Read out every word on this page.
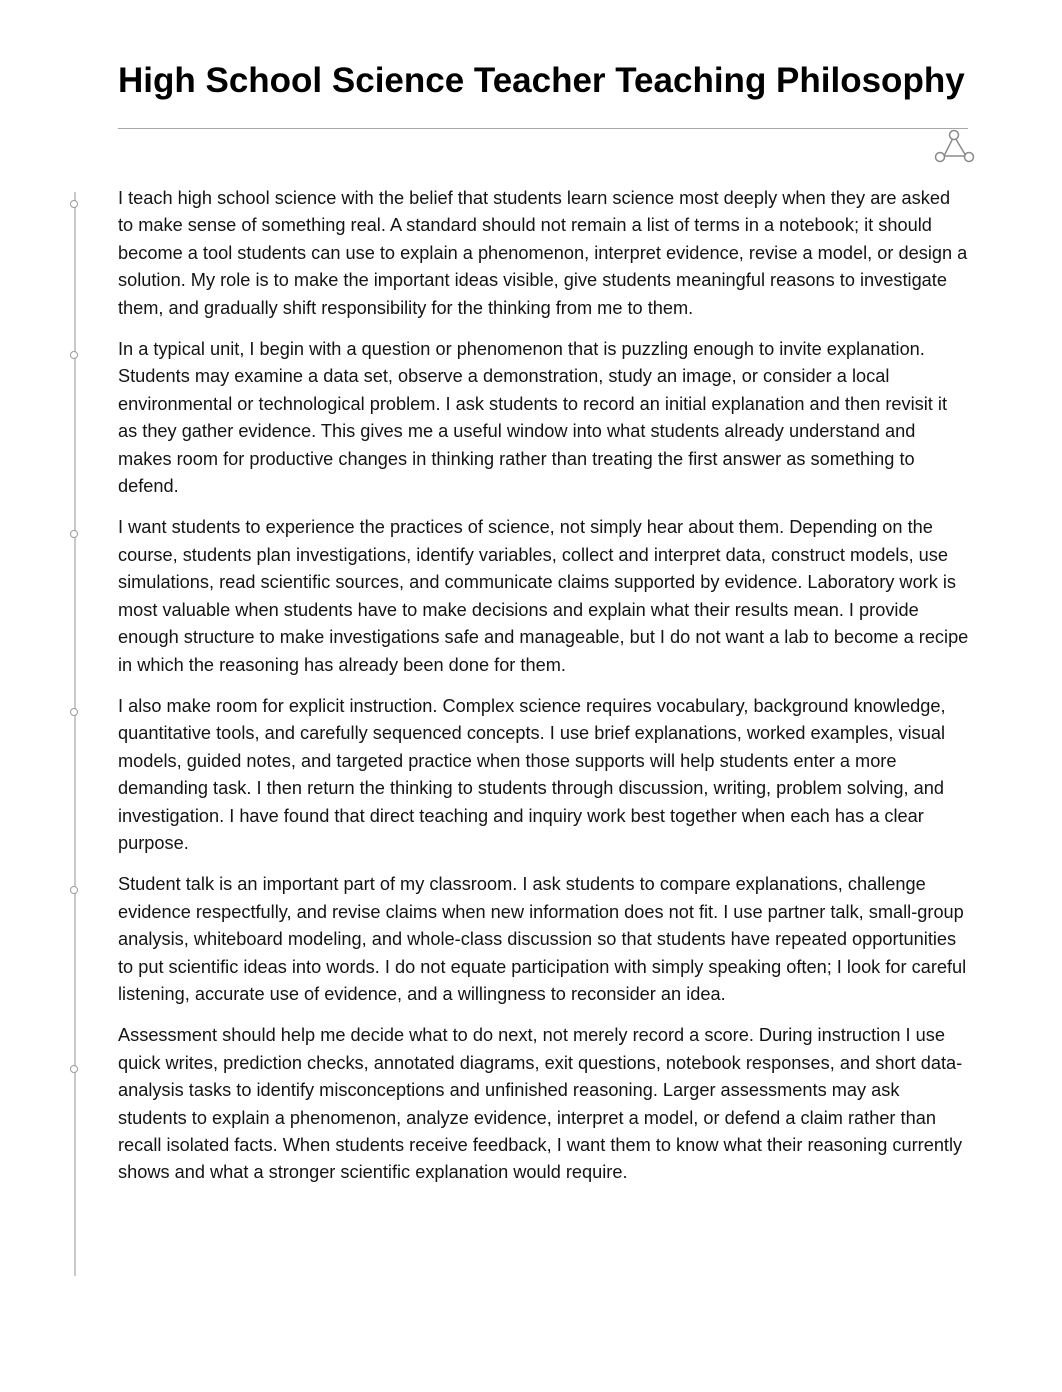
High School Science Teacher Teaching Philosophy

I teach high school science with the belief that students learn science most deeply when they are asked to make sense of something real. A standard should not remain a list of terms in a notebook; it should become a tool students can use to explain a phenomenon, interpret evidence, revise a model, or design a solution. My role is to make the important ideas visible, give students meaningful reasons to investigate them, and gradually shift responsibility for the thinking from me to them.

In a typical unit, I begin with a question or phenomenon that is puzzling enough to invite explanation. Students may examine a data set, observe a demonstration, study an image, or consider a local environmental or technological problem. I ask students to record an initial explanation and then revisit it as they gather evidence. This gives me a useful window into what students already understand and makes room for productive changes in thinking rather than treating the first answer as something to defend.

I want students to experience the practices of science, not simply hear about them. Depending on the course, students plan investigations, identify variables, collect and interpret data, construct models, use simulations, read scientific sources, and communicate claims supported by evidence. Laboratory work is most valuable when students have to make decisions and explain what their results mean. I provide enough structure to make investigations safe and manageable, but I do not want a lab to become a recipe in which the reasoning has already been done for them.

I also make room for explicit instruction. Complex science requires vocabulary, background knowledge, quantitative tools, and carefully sequenced concepts. I use brief explanations, worked examples, visual models, guided notes, and targeted practice when those supports will help students enter a more demanding task. I then return the thinking to students through discussion, writing, problem solving, and investigation. I have found that direct teaching and inquiry work best together when each has a clear purpose.

Student talk is an important part of my classroom. I ask students to compare explanations, challenge evidence respectfully, and revise claims when new information does not fit. I use partner talk, small-group analysis, whiteboard modeling, and whole-class discussion so that students have repeated opportunities to put scientific ideas into words. I do not equate participation with simply speaking often; I look for careful listening, accurate use of evidence, and a willingness to reconsider an idea.

Assessment should help me decide what to do next, not merely record a score. During instruction I use quick writes, prediction checks, annotated diagrams, exit questions, notebook responses, and short data-analysis tasks to identify misconceptions and unfinished reasoning. Larger assessments may ask students to explain a phenomenon, analyze evidence, interpret a model, or defend a claim rather than recall isolated facts. When students receive feedback, I want them to know what their reasoning currently shows and what a stronger scientific explanation would require.
